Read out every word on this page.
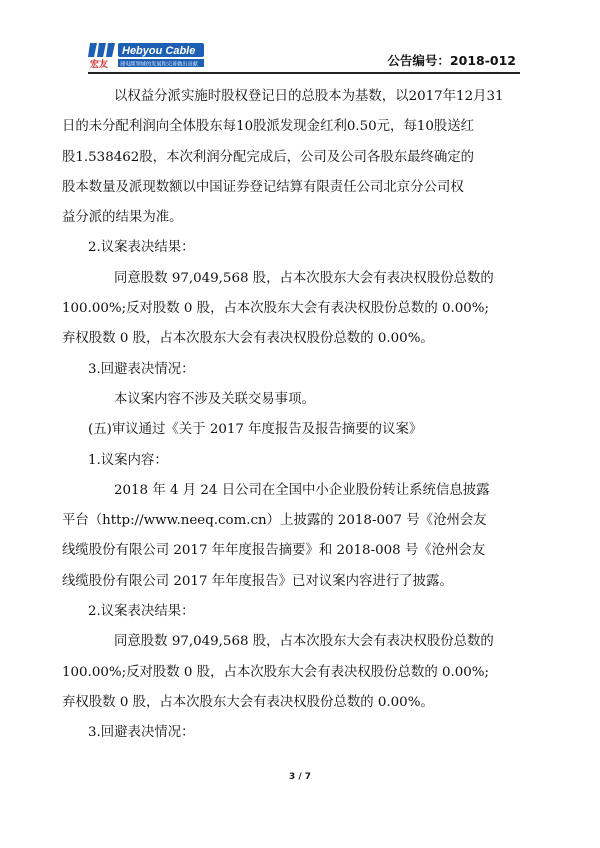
Hebyou Cable
宏友 建电缆领域的发展和完善做出贡献	公告编号：2018-012

以权益分派实施时股权登记日的总股本为基数，以2017年12月31
日的未分配利润向全体股东每10股派发现金红利0.50元，每10股送红
股1.538462股，本次利润分配完成后，公司及公司各股东最终确定的
股本数量及派现数额以中国证券登记结算有限责任公司北京分公司权
益分派的结果为准。

2.议案表决结果：

同意股数 97,049,568 股，占本次股东大会有表决权股份总数的
100.00%;反对股数 0 股，占本次股东大会有表决权股份总数的 0.00%;
弃权股数 0 股，占本次股东大会有表决权股份总数的 0.00%。

3.回避表决情况：

本议案内容不涉及关联交易事项。

(五)审议通过《关于 2017 年度报告及报告摘要的议案》

1.议案内容：

2018 年 4 月 24 日公司在全国中小企业股份转让系统信息披露
平台（http://www.neeq.com.cn）上披露的 2018-007 号《沧州会友
线缆股份有限公司 2017 年年度报告摘要》和 2018-008 号《沧州会友
线缆股份有限公司 2017 年年度报告》已对议案内容进行了披露。

2.议案表决结果：

同意股数 97,049,568 股，占本次股东大会有表决权股份总数的
100.00%;反对股数 0 股，占本次股东大会有表决权股份总数的 0.00%;
弃权股数 0 股，占本次股东大会有表决权股份总数的 0.00%。

3.回避表决情况：

3 / 7
